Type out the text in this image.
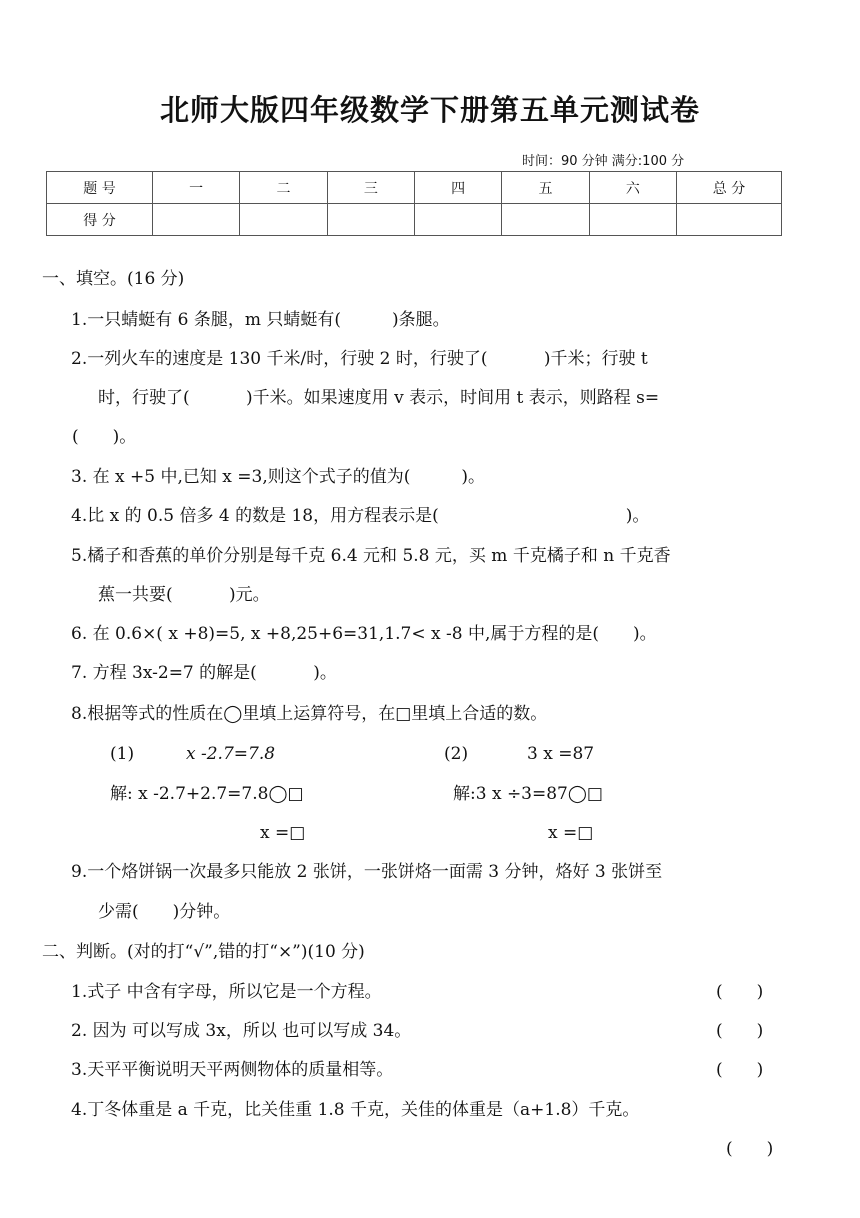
北师大版四年级数学下册第五单元测试卷
时间：90 分钟 满分:100 分
题 号	一	二	三	四	五	六	总 分
得 分							
一、填空。(16 分)
1.一只蜻蜓有 6 条腿，m 只蜻蜓有(　　　)条腿。
2.一列火车的速度是 130 千米/时，行驶 2 时，行驶了(　　　 )千米；行驶 t
时，行驶了(　　　 )千米。如果速度用 v 表示，时间用 t 表示，则路程 s=
(　　)。
3. 在 x +5 中,已知 x =3,则这个式子的值为(　　　)。
4.比 x 的 0.5 倍多 4 的数是 18，用方程表示是(　　　　　　　　　　　)。
5.橘子和香蕉的单价分别是每千克 6.4 元和 5.8 元，买 m 千克橘子和 n 千克香
蕉一共要(　　　 )元。
6. 在 0.6×( x +8)=5, x +8,25+6=31,1.7< x -8 中,属于方程的是(　　)。
7. 方程 3x-2=7 的解是(　　　 )。
8.根据等式的性质在◯里填上运算符号，在□里填上合适的数。
(1)	x -2.7=7.8	(2)	3 x =87
解: x -2.7+2.7=7.8◯□	解:3 x ÷3=87◯□
x =□	x =□
9.一个烙饼锅一次最多只能放 2 张饼，一张饼烙一面需 3 分钟，烙好 3 张饼至
少需(　　)分钟。
二、判断。(对的打“√”,错的打“×”)(10 分)
1.式子 中含有字母，所以它是一个方程。	(　　)
2. 因为 可以写成 3x，所以 也可以写成 34。	(　　)
3.天平平衡说明天平两侧物体的质量相等。	(　　)
4.丁冬体重是 a 千克，比关佳重 1.8 千克，关佳的体重是（a+1.8）千克。
(　　)
